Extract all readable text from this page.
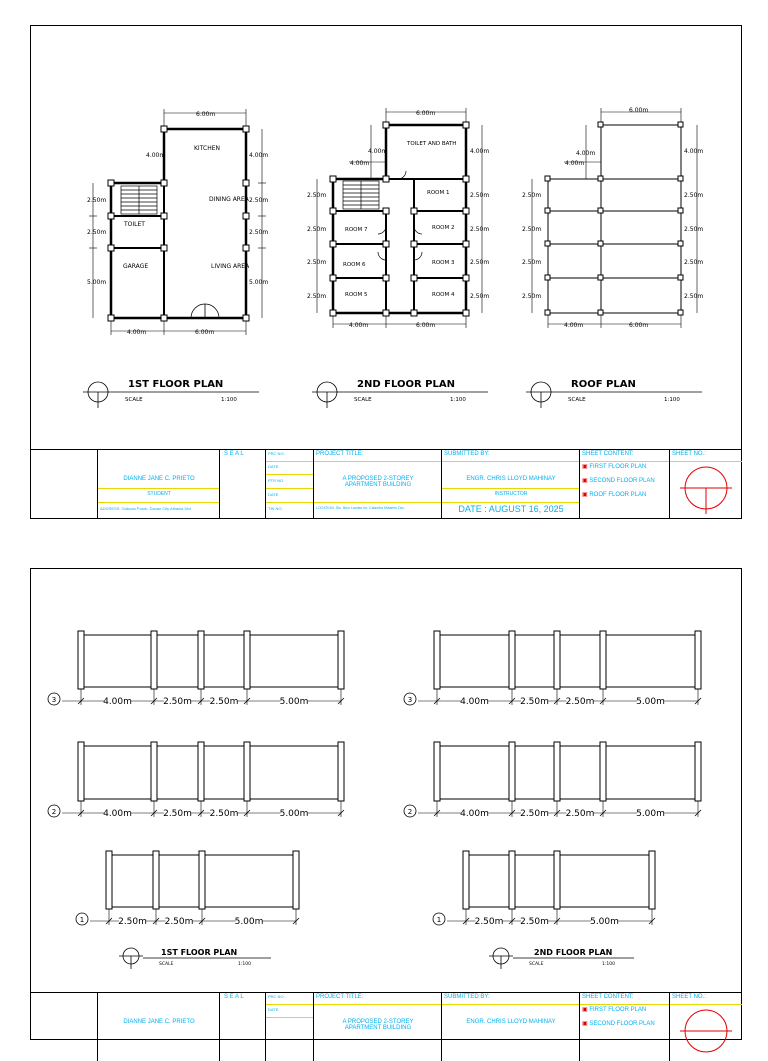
KITCHEN
DINING AREA
TOILET
GARAGE	LIVING AREA
6.00m
4.00m	4.00m
2.50m	2.50m
2.50m	2.50m
5.00m	5.00m
4.00m	6.00m
TOILET AND BATH
ROOM 1
ROOM 7	ROOM 2
ROOM 6	ROOM 3
ROOM 5	ROOM 4
6.00m
4.00m
4.00m
4.00m
2.50m	2.50m
2.50m	2.50m
2.50m	2.50m
2.50m	2.50m
4.00m	6.00m
6.00m
4.00m
4.00m
4.00m
2.50m	2.50m
2.50m	2.50m
2.50m	2.50m
2.50m	2.50m
4.00m	6.00m
1ST FLOOR PLAN	2ND FLOOR PLAN	ROOF PLAN
SCALE	1:100	SCALE	1:100	SCALE	1:100
DIANNE JANE C. PRIETO
STUDENT
ADDRESS: Gabuan Purok, Davao City Albania Divi
S E A L	PRC NO.
DATE
PTR NO.
DATE
TIN NO.
PROJECT TITLE:
A PROPOSED 2-STOREY APARTMENT BUILDING
LOCATION: Sto. Nino Lamias Int. Calamba Misamis Occ.
SUBMITTED BY:
ENGR. CHRIS LLOYD MAHINAY
INSTRUCTOR
DATE : AUGUST 16, 2025
SHEET CONTENT:
▣ FIRST FLOOR PLAN
▣ SECOND FLOOR PLAN
▣ ROOF FLOOR PLAN
SHEET NO.:
4.00m	2.50m 2.50m	5.00m
3
4.00m	2.50m 2.50m	5.00m
2
2.50m 2.50m	5.00m
1
4.00m	2.50m 2.50m	5.00m
3
4.00m	2.50m 2.50m	5.00m
2
2.50m 2.50m	5.00m
1
1ST FLOOR PLAN	2ND FLOOR PLAN
SCALE	1:100	SCALE	1:100
DIANNE JANE C. PRIETO
S E A L	PRC NO.
DATE
PROJECT TITLE:
A PROPOSED 2-STOREY APARTMENT BUILDING
SUBMITTED BY:
ENGR. CHRIS LLOYD MAHINAY
SHEET CONTENT:
▣ FIRST FLOOR PLAN
▣ SECOND FLOOR PLAN
SHEET NO.:
